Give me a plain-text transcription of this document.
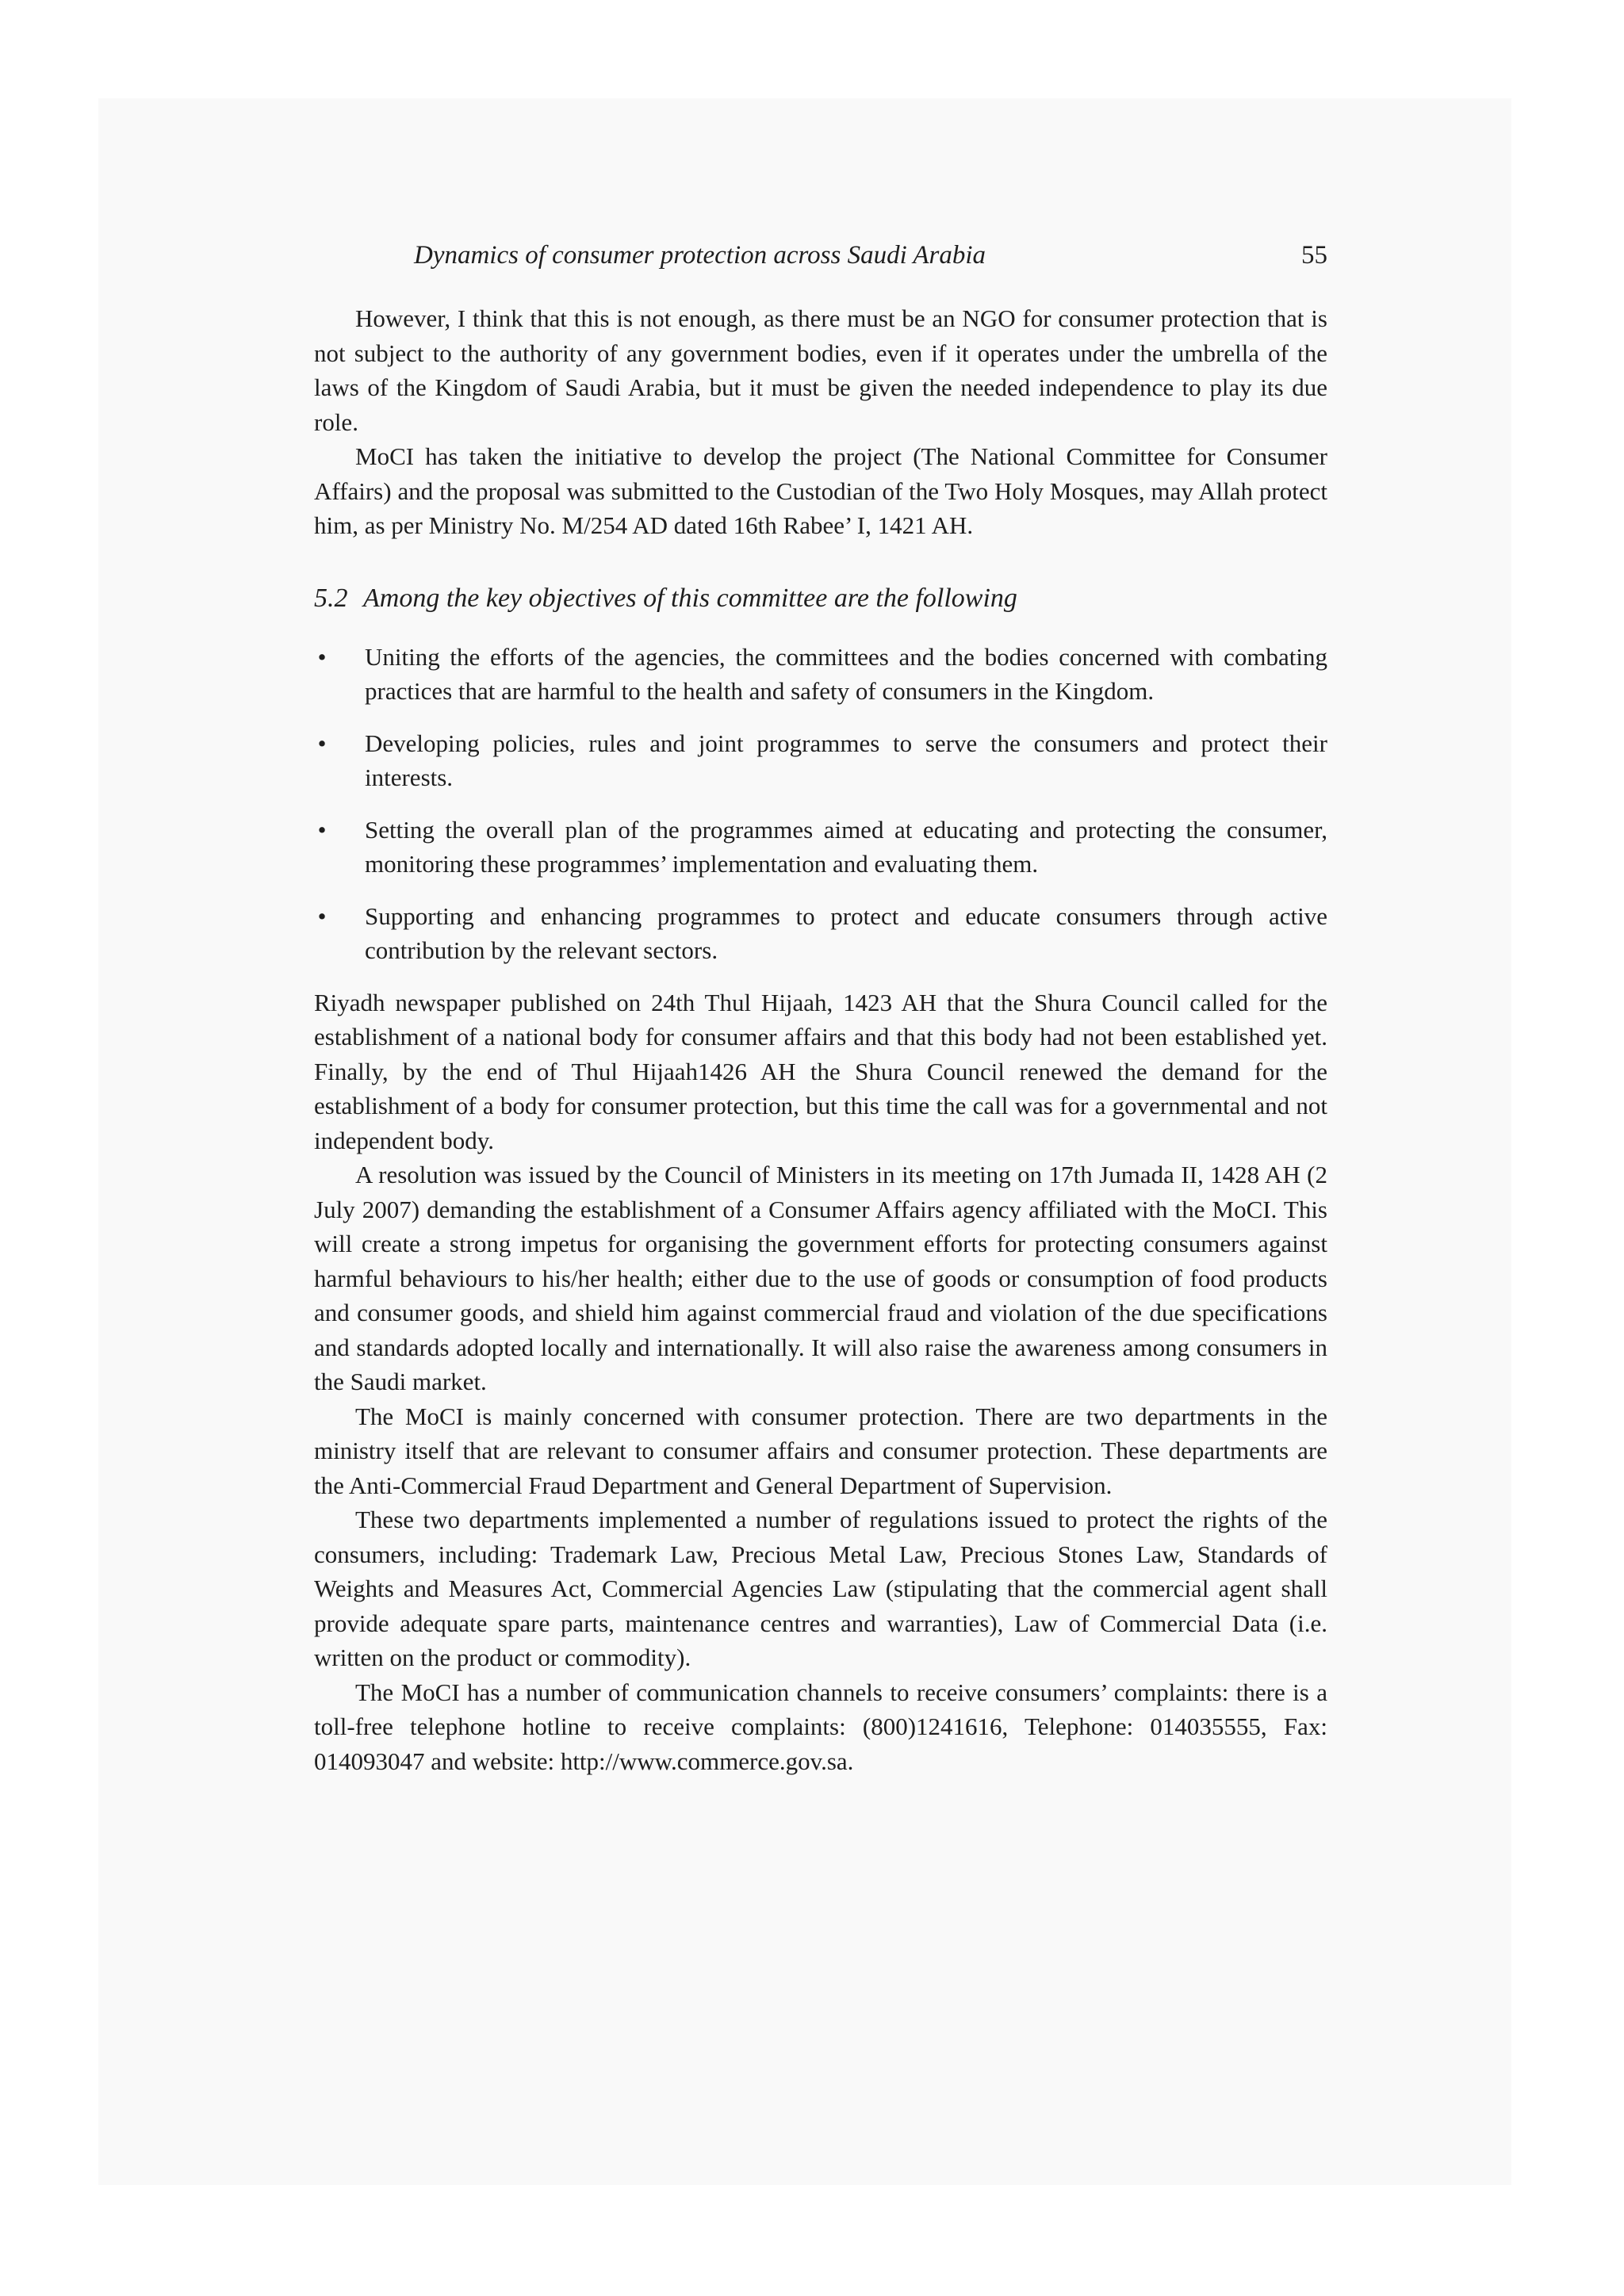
Dynamics of consumer protection across Saudi Arabia	55

However, I think that this is not enough, as there must be an NGO for consumer protection that is not subject to the authority of any government bodies, even if it operates under the umbrella of the laws of the Kingdom of Saudi Arabia, but it must be given the needed independence to play its due role.

MoCI has taken the initiative to develop the project (The National Committee for Consumer Affairs) and the proposal was submitted to the Custodian of the Two Holy Mosques, may Allah protect him, as per Ministry No. M/254 AD dated 16th Rabee’ I, 1421 AH.

5.2 Among the key objectives of this committee are the following
• Uniting the efforts of the agencies, the committees and the bodies concerned with combating practices that are harmful to the health and safety of consumers in the Kingdom.
• Developing policies, rules and joint programmes to serve the consumers and protect their interests.
• Setting the overall plan of the programmes aimed at educating and protecting the consumer, monitoring these programmes’ implementation and evaluating them.
• Supporting and enhancing programmes to protect and educate consumers through active contribution by the relevant sectors.

Riyadh newspaper published on 24th Thul Hijaah, 1423 AH that the Shura Council called for the establishment of a national body for consumer affairs and that this body had not been established yet. Finally, by the end of Thul Hijaah1426 AH the Shura Council renewed the demand for the establishment of a body for consumer protection, but this time the call was for a governmental and not independent body.

A resolution was issued by the Council of Ministers in its meeting on 17th Jumada II, 1428 AH (2 July 2007) demanding the establishment of a Consumer Affairs agency affiliated with the MoCI. This will create a strong impetus for organising the government efforts for protecting consumers against harmful behaviours to his/her health; either due to the use of goods or consumption of food products and consumer goods, and shield him against commercial fraud and violation of the due specifications and standards adopted locally and internationally. It will also raise the awareness among consumers in the Saudi market.

The MoCI is mainly concerned with consumer protection. There are two departments in the ministry itself that are relevant to consumer affairs and consumer protection. These departments are the Anti-Commercial Fraud Department and General Department of Supervision.

These two departments implemented a number of regulations issued to protect the rights of the consumers, including: Trademark Law, Precious Metal Law, Precious Stones Law, Standards of Weights and Measures Act, Commercial Agencies Law (stipulating that the commercial agent shall provide adequate spare parts, maintenance centres and warranties), Law of Commercial Data (i.e. written on the product or commodity).

The MoCI has a number of communication channels to receive consumers’ complaints: there is a toll-free telephone hotline to receive complaints: (800)1241616, Telephone: 014035555, Fax: 014093047 and website: http://www.commerce.gov.sa.
